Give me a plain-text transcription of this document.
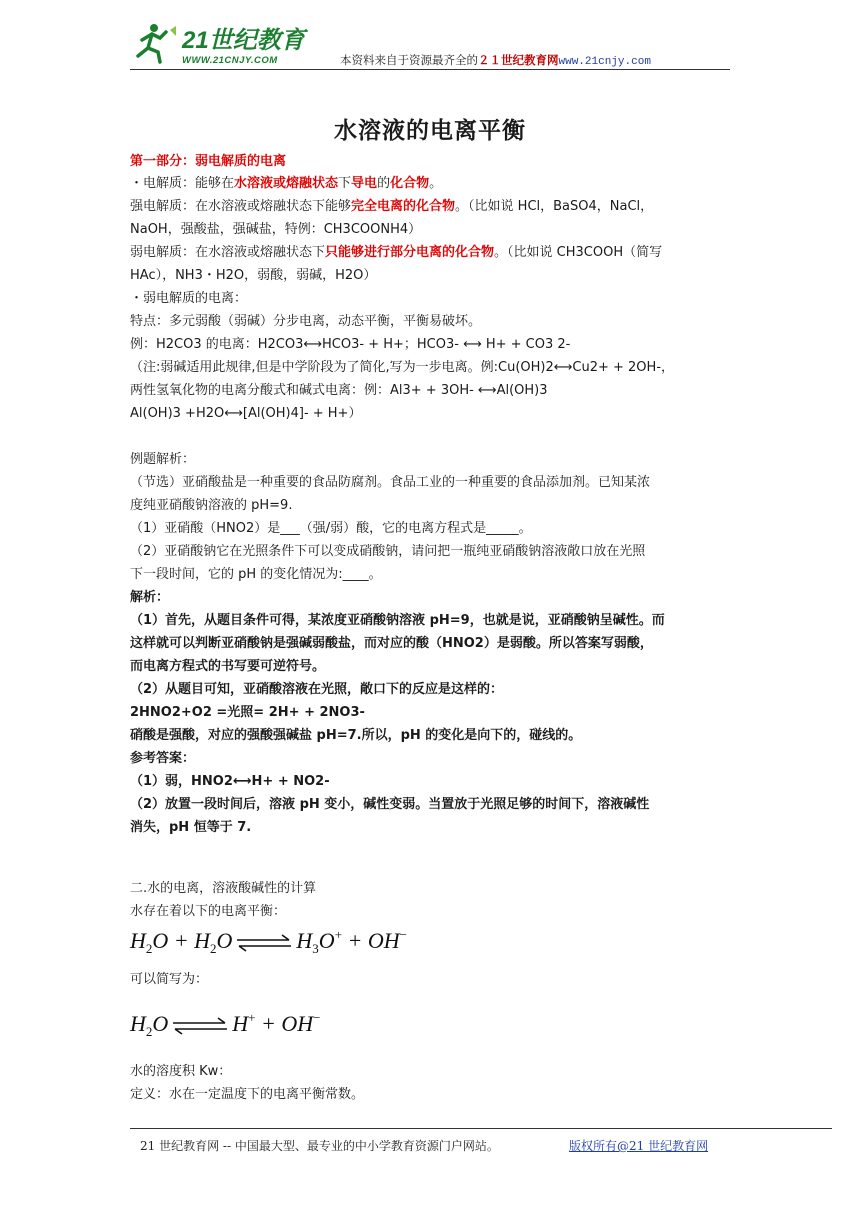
21世纪教育
WWW.21CNJY.COM	本资料来自于资源最齐全的２１世纪教育网www.21cnjy.com
水溶液的电离平衡
第一部分：弱电解质的电离
・电解质：能够在水溶液或熔融状态下导电的化合物。
强电解质：在水溶液或熔融状态下能够完全电离的化合物。（比如说 HCl，BaSO4，NaCl，
NaOH，强酸盐，强碱盐，特例：CH3COONH4）
弱电解质：在水溶液或熔融状态下只能够进行部分电离的化合物。（比如说 CH3COOH（简写
HAc），NH3・H2O，弱酸，弱碱，H2O）
・弱电解质的电离：
特点：多元弱酸（弱碱）分步电离，动态平衡，平衡易破坏。
例：H2CO3 的电离：H2CO3⟷HCO3- + H+；HCO3- ⟷ H+ + CO3 2-
（注:弱碱适用此规律,但是中学阶段为了简化,写为一步电离。例:Cu(OH)2⟷Cu2+ + 2OH-，
两性氢氧化物的电离分酸式和碱式电离：例：Al3+ + 3OH- ⟷Al(OH)3
Al(OH)3 +H2O⟷[Al(OH)4]- + H+）
例题解析：
（节选）亚硝酸盐是一种重要的食品防腐剂。食品工业的一种重要的食品添加剂。已知某浓
度纯亚硝酸钠溶液的 pH=9.
（1）亚硝酸（HNO2）是___（强/弱）酸，它的电离方程式是_____。
（2）亚硝酸钠它在光照条件下可以变成硝酸钠，请问把一瓶纯亚硝酸钠溶液敞口放在光照
下一段时间，它的 pH 的变化情况为:____。
解析：
（1）首先，从题目条件可得，某浓度亚硝酸钠溶液 pH=9，也就是说，亚硝酸钠呈碱性。而
这样就可以判断亚硝酸钠是强碱弱酸盐，而对应的酸（HNO2）是弱酸。所以答案写弱酸，
而电离方程式的书写要可逆符号。
（2）从题目可知，亚硝酸溶液在光照，敞口下的反应是这样的：
2HNO2+O2 =光照= 2H+ + 2NO3-
硝酸是强酸，对应的强酸强碱盐 pH=7.所以，pH 的变化是向下的，碰线的。
参考答案：
（1）弱，HNO2⟷H+ + NO2-
（2）放置一段时间后，溶液 pH 变小，碱性变弱。当置放于光照足够的时间下，溶液碱性
消失，pH 恒等于 7.
二.水的电离，溶液酸碱性的计算
水存在着以下的电离平衡：
$H_2O + H_2O$ ⇌ $H_3O^+ + OH^-$
可以简写为：
$H_2O$ ⇌ H+ + OH−
水的溶度积 Kw：
定义：水在一定温度下的电离平衡常数。
21 世纪教育网 -- 中国最大型、最专业的中小学教育资源门户网站。	版权所有@21 世纪教育网
